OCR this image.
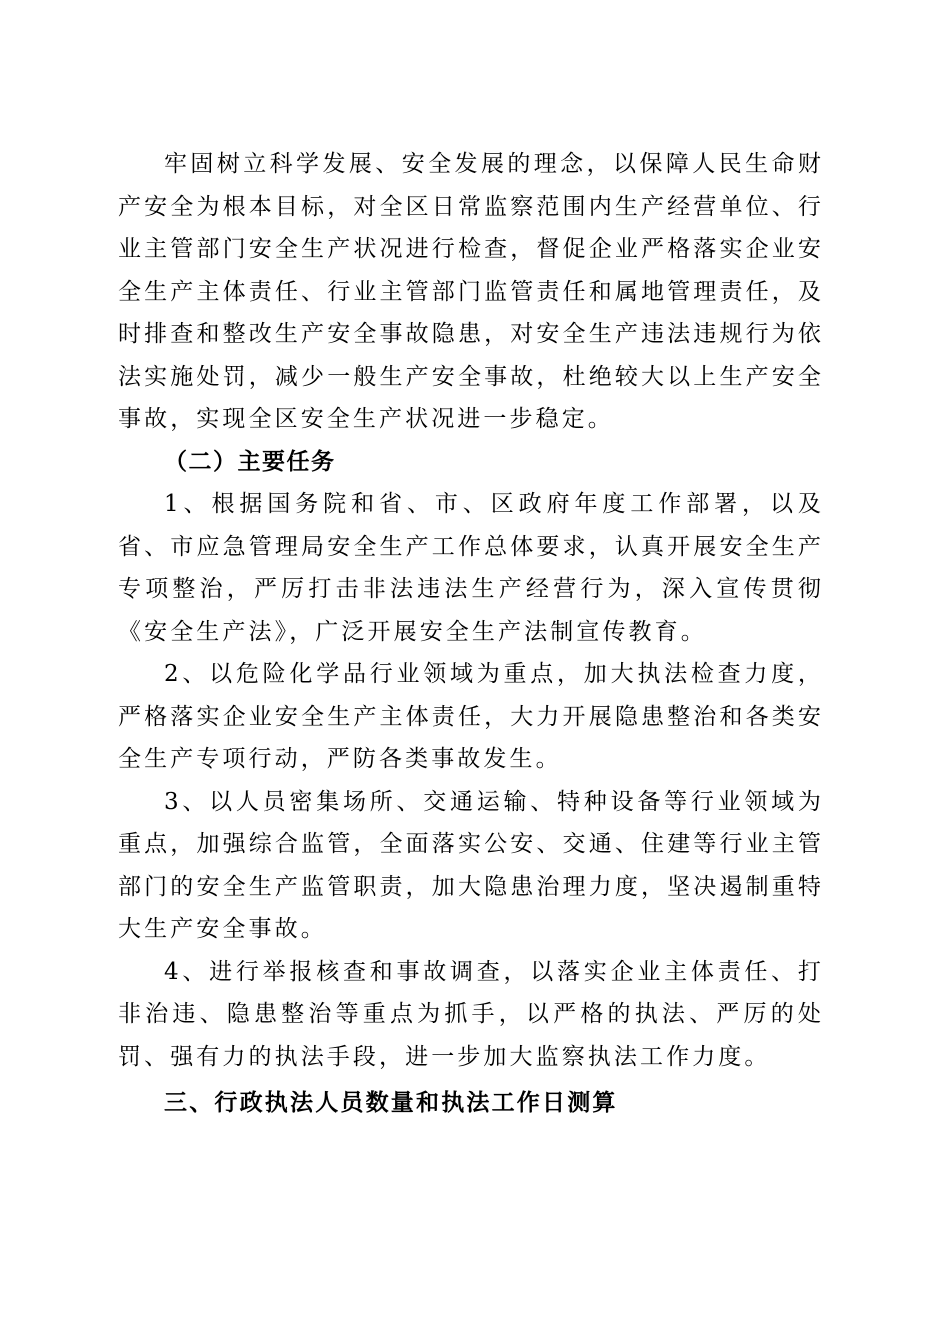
牢固树立科学发展、安全发展的理念，以保障人民生命财产安全为根本目标，对全区日常监察范围内生产经营单位、行业主管部门安全生产状况进行检查，督促企业严格落实企业安全生产主体责任、行业主管部门监管责任和属地管理责任，及时排查和整改生产安全事故隐患，对安全生产违法违规行为依法实施处罚，减少一般生产安全事故，杜绝较大以上生产安全事故，实现全区安全生产状况进一步稳定。

（二）主要任务

1、根据国务院和省、市、区政府年度工作部署，以及省、市应急管理局安全生产工作总体要求，认真开展安全生产专项整治，严厉打击非法违法生产经营行为，深入宣传贯彻《安全生产法》，广泛开展安全生产法制宣传教育。

2、以危险化学品行业领域为重点，加大执法检查力度，严格落实企业安全生产主体责任，大力开展隐患整治和各类安全生产专项行动，严防各类事故发生。

3、以人员密集场所、交通运输、特种设备等行业领域为重点，加强综合监管，全面落实公安、交通、住建等行业主管部门的安全生产监管职责，加大隐患治理力度，坚决遏制重特大生产安全事故。

4、进行举报核查和事故调查，以落实企业主体责任、打非治违、隐患整治等重点为抓手，以严格的执法、严厉的处罚、强有力的执法手段，进一步加大监察执法工作力度。

三、行政执法人员数量和执法工作日测算
